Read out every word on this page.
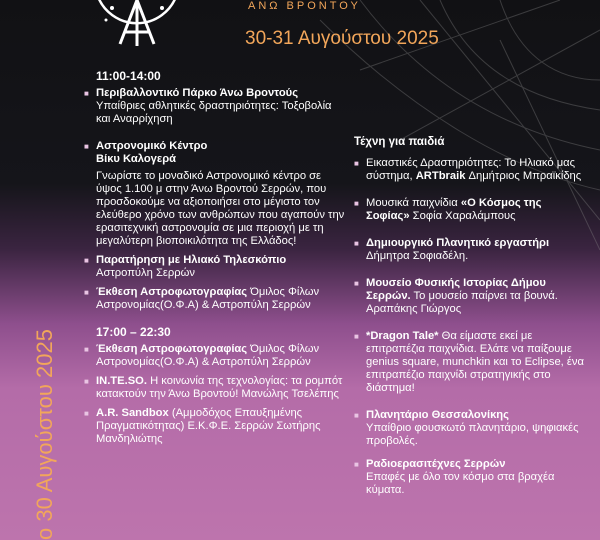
ΑΝΩ ΒΡΟΝΤΟΥ
30-31 Αυγούστου 2025
ο 30 Αυγούστου 2025
11:00-14:00
■ Περιβαλλοντικό Πάρκο Άνω Βροντούς
Υπαίθριες αθλητικές δραστηριότητες: Τοξοβολία και Αναρρίχηση
■ Αστρονομικό Κέντρο Βίκυ Καλογερά
Γνωρίστε το μοναδικό Αστρονομικό κέντρο σε ύψος 1.100 μ στην Άνω Βροντού Σερρών, που προσδοκούμε να αξιοποιήσει στο μέγιστο τον ελεύθερο χρόνο των ανθρώπων που αγαπούν την ερασιτεχνική αστρονομία σε μια περιοχή με τη μεγαλύτερη βιοποικιλότητα της Ελλάδος!
■ Παρατήρηση με Ηλιακό Τηλεσκόπιο
Αστροπύλη Σερρών
■ Έκθεση Αστροφωτογραφίας Όμιλος Φίλων Αστρονομίας(Ο.Φ.Α) & Αστροπύλη Σερρών
17:00 – 22:30
■ Έκθεση Αστροφωτογραφίας Όμιλος Φίλων Αστρονομίας(Ο.Φ.Α) & Αστροπύλη Σερρών
■ IN.TE.SO. Η κοινωνία της τεχνολογίας: τα ρομπότ κατακτούν την Άνω Βροντού! Μανώλης Τσελέπης
■ A.R. Sandbox (Αμμοδόχος Επαυξημένης Πραγματικότητας) Ε.Κ.Φ.Ε. Σερρών Σωτήρης Μανδηλιώτης
Τέχνη για παιδιά
■ Εικαστικές Δραστηριότητες: Το Ηλιακό μας σύστημα, ARTbraik Δημήτριος Μπραϊκίδης
■ Μουσικά παιχνίδια «Ο Κόσμος της Σοφίας» Σοφία Χαραλάμπους
■ Δημιουργικό Πλανητικό εργαστήρι Δήμητρα Σοφιαδέλη.
■ Μουσείο Φυσικής Ιστορίας Δήμου Σερρών. Το μουσείο παίρνει τα βουνά. Αραπάκης Γιώργος
■ *Dragon Tale* Θα είμαστε εκεί με επιτραπέζια παιχνίδια. Ελάτε να παίξουμε genius square, munchkin και το Eclipse, ένα επιτραπέζιο παιχνίδι στρατηγικής στο διάστημα!
■ Πλανητάριο Θεσσαλονίκης
Υπαίθριο φουσκωτό πλανητάριο, ψηφιακές προβολές.
■ Ραδιοερασιτέχνες Σερρών
Επαφές με όλο τον κόσμο στα βραχέα κύματα.
